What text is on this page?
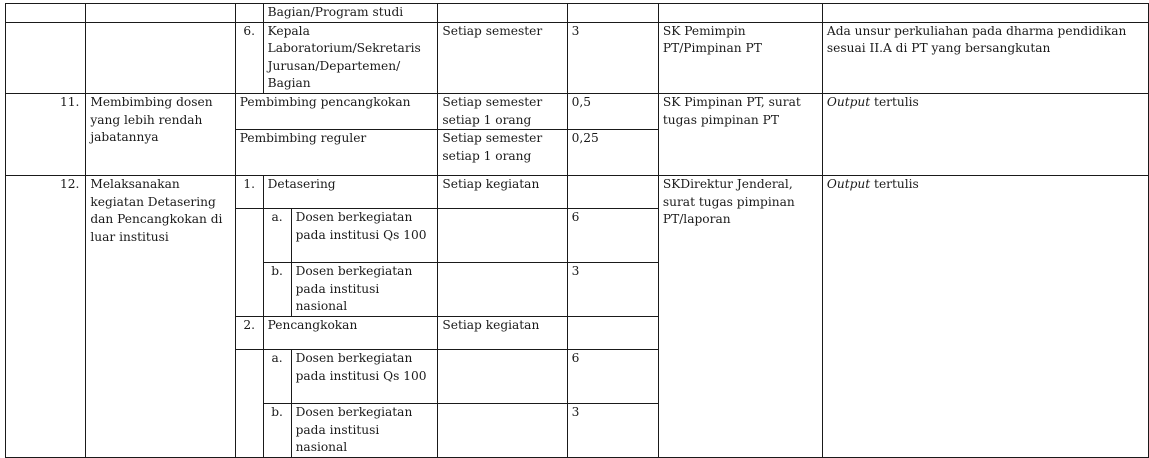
			Bagian/Program studi					
		6.	Kepala Laboratorium/Sekretaris Jurusan/Departemen/ Bagian		Setiap semester	3	SK Pemimpin PT/Pimpinan PT	Ada unsur perkuliahan pada dharma pendidikan sesuai II.A di PT yang bersangkutan
11.	Membimbing dosen yang lebih rendah jabatannya	Pembimbing pencangkokan			Setiap semester setiap 1 orang	0,5	SK Pimpinan PT, surat tugas pimpinan PT	Output tertulis
		Pembimbing reguler			Setiap semester setiap 1 orang	0,25		
12.	Melaksanakan kegiatan Detasering dan Pencangkokan di luar institusi	1.	Detasering		Setiap kegiatan		SKDirektur Jenderal, surat tugas pimpinan PT/laporan	Output tertulis
			a.	Dosen berkegiatan pada institusi Qs 100		6		
			b.	Dosen berkegiatan pada institusi nasional		3		
		2.	Pencangkokan		Setiap kegiatan			
			a.	Dosen berkegiatan pada institusi Qs 100		6		
			b.	Dosen berkegiatan pada institusi nasional		3		
